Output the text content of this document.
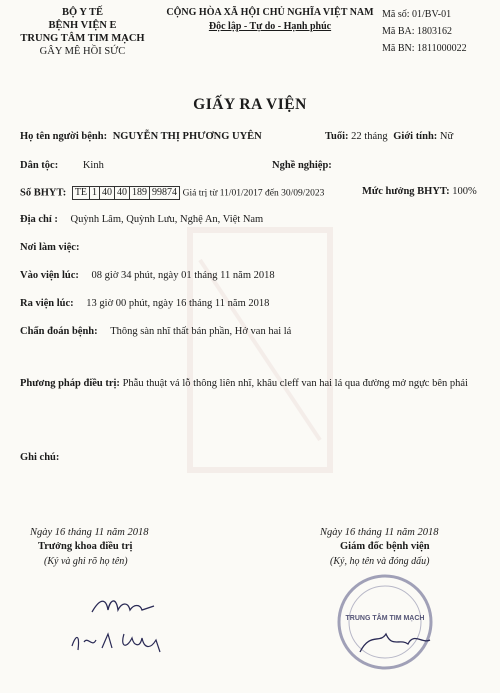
BỘ Y TẾ
BỆNH VIỆN E
TRUNG TÂM TIM MẠCH
GÂY MÊ HỒI SỨC
CỘNG HÒA XÃ HỘI CHỦ NGHĨA VIỆT NAM
Độc lập - Tự do - Hạnh phúc
Mã số: 01/BV-01
Mã BA: 1803162
Mã BN: 1811000022
GIẤY RA VIỆN
Họ tên người bệnh: NGUYỄN THỊ PHƯƠNG UYÊN	Tuổi: 22 tháng Giới tính: Nữ
Dân tộc: Kinh	Nghề nghiệp:
Số BHYT: TE 1 40 40 189 99874 Giá trị từ 11/01/2017 đến 30/09/2023	Mức hưởng BHYT: 100%
Địa chỉ : Quỳnh Lâm, Quỳnh Lưu, Nghệ An, Việt Nam
Nơi làm việc:
Vào viện lúc: 08 giờ 34 phút, ngày 01 tháng 11 năm 2018
Ra viện lúc: 13 giờ 00 phút, ngày 16 tháng 11 năm 2018
Chẩn đoán bệnh: Thông sàn nhĩ thất bán phần, Hở van hai lá
Phương pháp điều trị: Phẫu thuật vá lỗ thông liên nhĩ, khâu cleff van hai lá qua đường mở ngực bên phải
Ghi chú:
Ngày 16 tháng 11 năm 2018
Trưởng khoa điều trị
(Ký và ghi rõ họ tên)
Ngày 16 tháng 11 năm 2018
Giám đốc bệnh viện
(Ký, họ tên và đóng dấu)
TRUNG TÂM TIM MẠCH
